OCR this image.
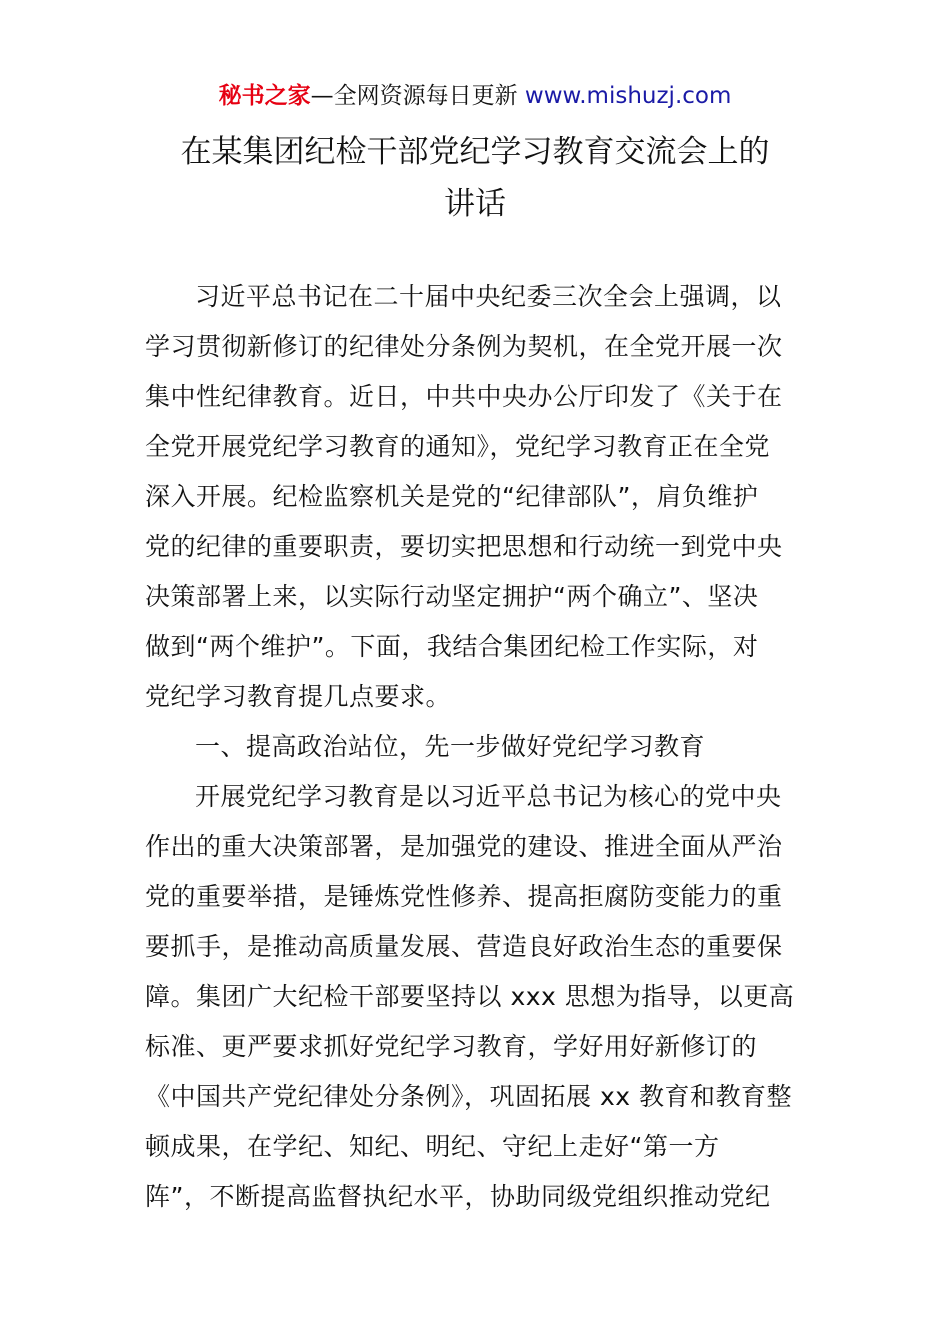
秘书之家—全网资源每日更新 www.mishuzj.com
在某集团纪检干部党纪学习教育交流会上的
讲话

习近平总书记在二十届中央纪委三次全会上强调，以
学习贯彻新修订的纪律处分条例为契机，在全党开展一次
集中性纪律教育。近日，中共中央办公厅印发了《关于在
全党开展党纪学习教育的通知》，党纪学习教育正在全党
深入开展。纪检监察机关是党的“纪律部队”，肩负维护
党的纪律的重要职责，要切实把思想和行动统一到党中央
决策部署上来，以实际行动坚定拥护“两个确立”、坚决
做到“两个维护”。下面，我结合集团纪检工作实际，对
党纪学习教育提几点要求。

一、提高政治站位，先一步做好党纪学习教育

开展党纪学习教育是以习近平总书记为核心的党中央
作出的重大决策部署，是加强党的建设、推进全面从严治
党的重要举措，是锤炼党性修养、提高拒腐防变能力的重
要抓手，是推动高质量发展、营造良好政治生态的重要保
障。集团广大纪检干部要坚持以 xxx 思想为指导，以更高
标准、更严要求抓好党纪学习教育，学好用好新修订的
《中国共产党纪律处分条例》，巩固拓展 xx 教育和教育整
顿成果，在学纪、知纪、明纪、守纪上走好“第一方
阵”，不断提高监督执纪水平，协助同级党组织推动党纪
